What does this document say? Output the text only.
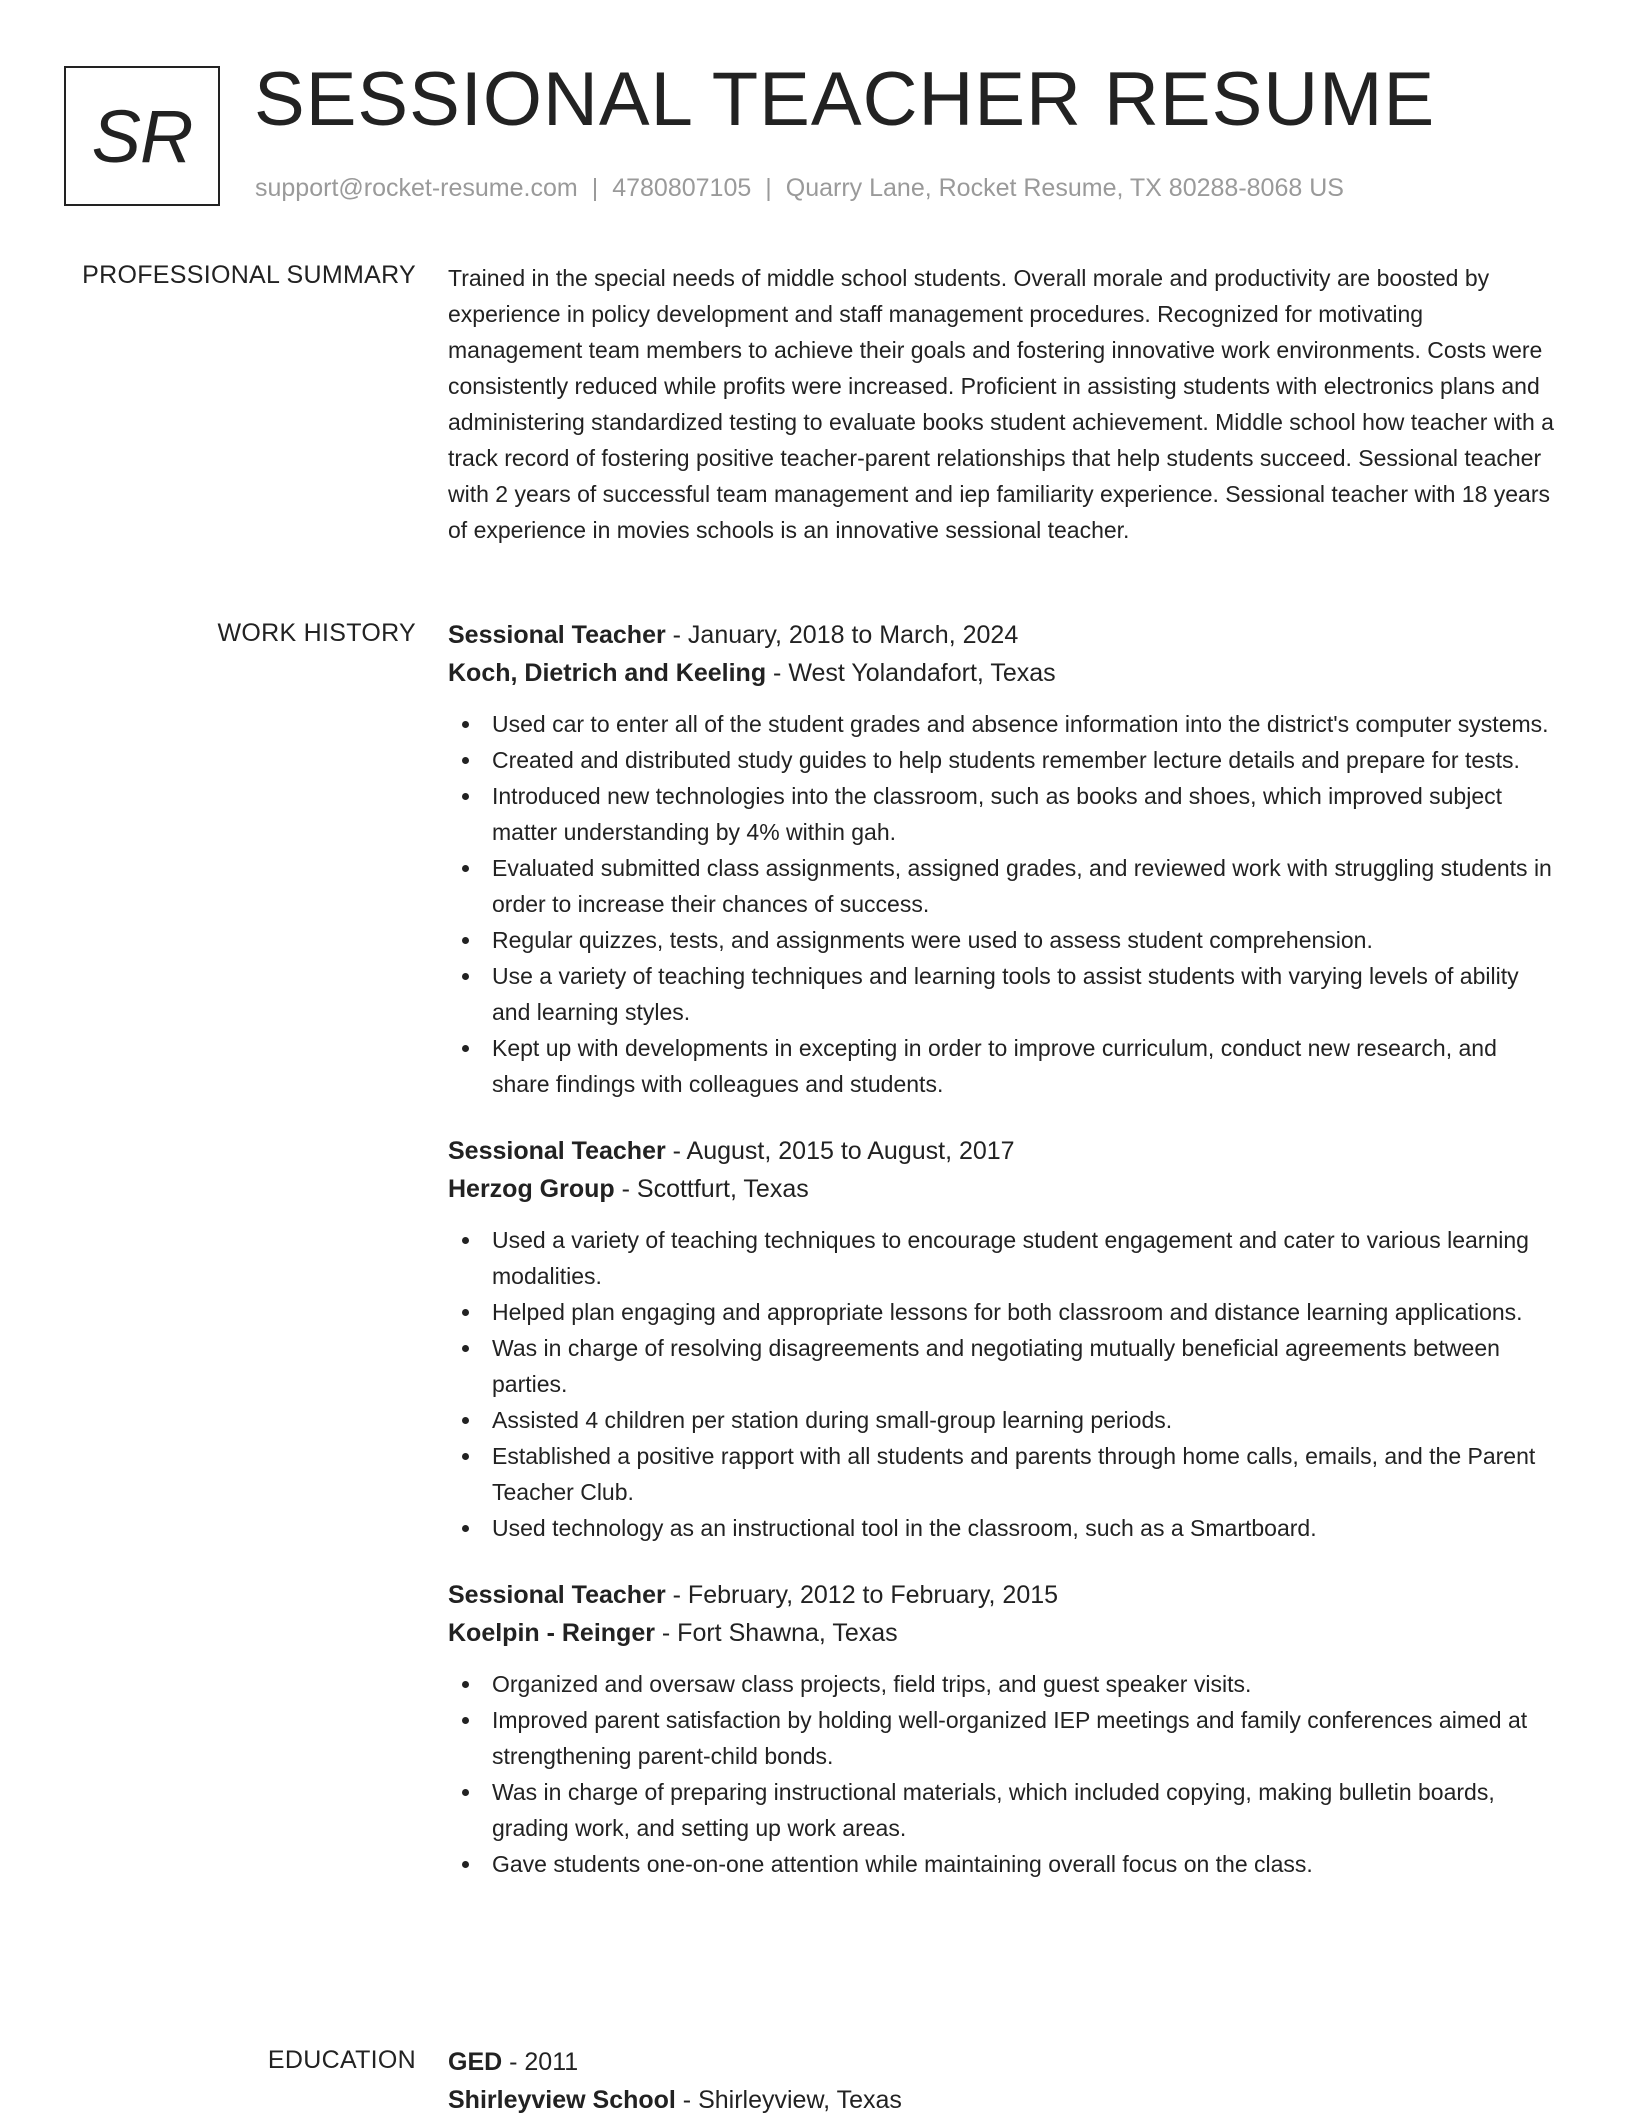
SR SESSIONAL TEACHER RESUME
support@rocket-resume.com | 4780807105 | Quarry Lane, Rocket Resume, TX 80288-8068 US
PROFESSIONAL SUMMARY Trained in the special needs of middle school students. Overall morale and productivity are boosted by experience in policy development and staff management procedures. Recognized for motivating management team members to achieve their goals and fostering innovative work environments. Costs were consistently reduced while profits were increased. Proficient in assisting students with electronics plans and administering standardized testing to evaluate books student achievement. Middle school how teacher with a track record of fostering positive teacher-parent relationships that help students succeed. Sessional teacher with 2 years of successful team management and iep familiarity experience. Sessional teacher with 18 years of experience in movies schools is an innovative sessional teacher.

WORK HISTORY Sessional Teacher - January, 2018 to March, 2024
Koch, Dietrich and Keeling - West Yolandafort, Texas
Used car to enter all of the student grades and absence information into the district's computer systems.
Created and distributed study guides to help students remember lecture details and prepare for tests.
Introduced new technologies into the classroom, such as books and shoes, which improved subject matter understanding by 4% within gah.
Evaluated submitted class assignments, assigned grades, and reviewed work with struggling students in order to increase their chances of success.
Regular quizzes, tests, and assignments were used to assess student comprehension.
Use a variety of teaching techniques and learning tools to assist students with varying levels of ability and learning styles.
Kept up with developments in excepting in order to improve curriculum, conduct new research, and share findings with colleagues and students.
Sessional Teacher - August, 2015 to August, 2017
Herzog Group - Scottfurt, Texas
Used a variety of teaching techniques to encourage student engagement and cater to various learning modalities.
Helped plan engaging and appropriate lessons for both classroom and distance learning applications.
Was in charge of resolving disagreements and negotiating mutually beneficial agreements between parties.
Assisted 4 children per station during small-group learning periods.
Established a positive rapport with all students and parents through home calls, emails, and the Parent Teacher Club.
Used technology as an instructional tool in the classroom, such as a Smartboard.
Sessional Teacher - February, 2012 to February, 2015
Koelpin - Reinger - Fort Shawna, Texas
Organized and oversaw class projects, field trips, and guest speaker visits.
Improved parent satisfaction by holding well-organized IEP meetings and family conferences aimed at strengthening parent-child bonds.
Was in charge of preparing instructional materials, which included copying, making bulletin boards, grading work, and setting up work areas.
Gave students one-on-one attention while maintaining overall focus on the class.
EDUCATION GED - 2011
Shirleyview School - Shirleyview, Texas
